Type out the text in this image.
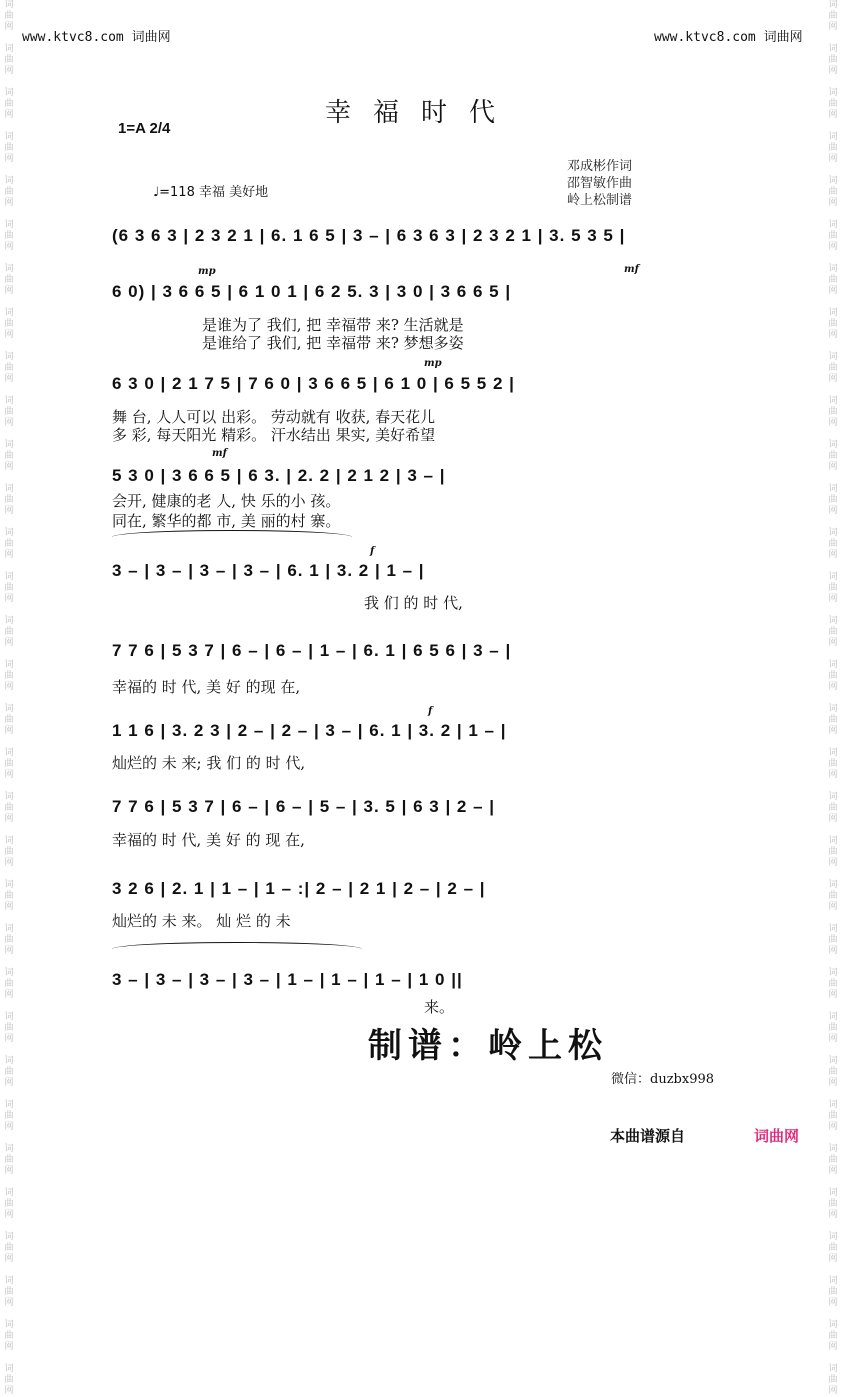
www.ktvc8.com 词曲网	www.ktvc8.com 词曲网
词
曲
网

词
曲
网

词
曲
网

词
曲
网

词
曲
网

词
曲
网

词
曲
网

词
曲
网

词
曲
网

词
曲
网

词
曲
网

词
曲
网

词
曲
网

词
曲
网

词
曲
网

词
曲
网

词
曲
网

词
曲
网

词
曲
网

词
曲
网

词
曲
网

词
曲
网

词
曲
网

词
曲
网

词
曲
网

词
曲
网

词
曲
网

词
曲
网

词
曲
网

词
曲
网

词
曲
网

词
曲
网

词
曲
网

词
曲
网

词
曲
网

词
曲
网

词
曲
网

词
曲
网

词
曲
网

词
曲
网

词
曲
网

词
曲
网

词
曲
网

词
曲
网

词
曲
网

词
曲
网

词
曲
网

词
曲
网

词
曲
网

词
曲
网

词
曲
网

词
曲
网

词
曲
网

词
曲
网

词
曲
网

词
曲
网

词
曲
网

词
曲
网

词
曲
网

词
曲
网

词
曲
网

词
曲
网

词
曲
网

词
曲
网

幸福时代
1=A 2/4
邓成彬作词
邵智敏作曲
岭上松制谱
♩=118 幸福 美好地
(6 3 6 3 | 2 3 2 1 | 6. 1 6 5 | 3 – | 6 3 6 3 | 2 3 2 1 | 3. 5 3 5 |
mp	mf
6 0) | 3 6 6 5 | 6 1 0 1 | 6 2 5. 3 | 3 0 | 3 6 6 5 |
是谁为了 我们, 把 幸福带 来? 生活就是
是谁给了 我们, 把 幸福带 来? 梦想多姿
mp
6 3 0 | 2 1 7 5 | 7 6 0 | 3 6 6 5 | 6 1 0 | 6 5 5 2 |
舞 台, 人人可以 出彩。 劳动就有 收获, 春天花儿
多 彩, 每天阳光 精彩。 汗水结出 果实, 美好希望
mf
5 3 0 | 3 6 6 5 | 6 3. | 2. 2 | 2 1 2 | 3 – |
会开, 健康的老 人, 快 乐的小 孩。
同在, 繁华的都 市, 美 丽的村 寨。
f
3 – | 3 – | 3 – | 3 – | 6. 1 | 3. 2 | 1 – |
我 们 的 时 代,
7 7 6 | 5 3 7 | 6 – | 6 – | 1 – | 6. 1 | 6 5 6 | 3 – |
幸福的 时 代, 美 好 的现 在,
f
1 1 6 | 3. 2 3 | 2 – | 2 – | 3 – | 6. 1 | 3. 2 | 1 – |
灿烂的 未 来; 我 们 的 时 代,
7 7 6 | 5 3 7 | 6 – | 6 – | 5 – | 3. 5 | 6 3 | 2 – |
幸福的 时 代, 美 好 的 现 在,
3 2 6 | 2. 1 | 1 – | 1 – :| 2 – | 2 1 | 2 – | 2 – |
灿烂的 未 来。 灿 烂 的 未
3 – | 3 – | 3 – | 3 – | 1 – | 1 – | 1 – | 1 0 ||
来。
制谱：岭上松
微信：duzbx998
本曲谱源自	词曲网
